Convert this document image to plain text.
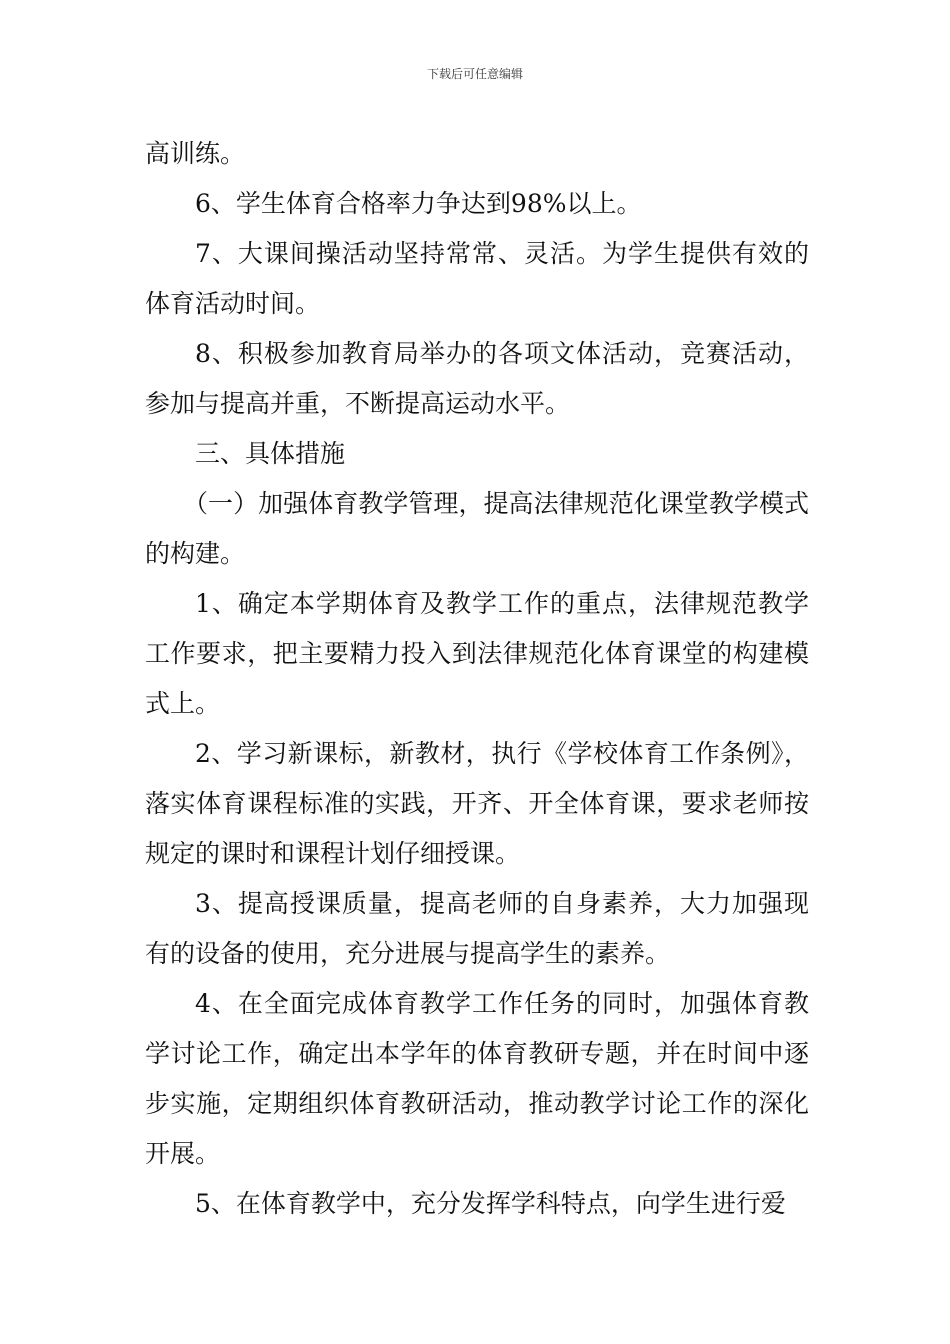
下载后可任意编辑

高训练。

6、学生体育合格率力争达到98%以上。

7、大课间操活动坚持常常、灵活。为学生提供有效的体育活动时间。

8、积极参加教育局举办的各项文体活动，竞赛活动，参加与提高并重，不断提高运动水平。

三、具体措施

（一）加强体育教学管理，提高法律规范化课堂教学模式的构建。

1、确定本学期体育及教学工作的重点，法律规范教学工作要求，把主要精力投入到法律规范化体育课堂的构建模式上。

2、学习新课标，新教材，执行《学校体育工作条例》，落实体育课程标准的实践，开齐、开全体育课，要求老师按规定的课时和课程计划仔细授课。

3、提高授课质量，提高老师的自身素养，大力加强现有的设备的使用，充分进展与提高学生的素养。

4、在全面完成体育教学工作任务的同时，加强体育教学讨论工作，确定出本学年的体育教研专题，并在时间中逐步实施，定期组织体育教研活动，推动教学讨论工作的深化开展。

5、在体育教学中，充分发挥学科特点，向学生进行爱
